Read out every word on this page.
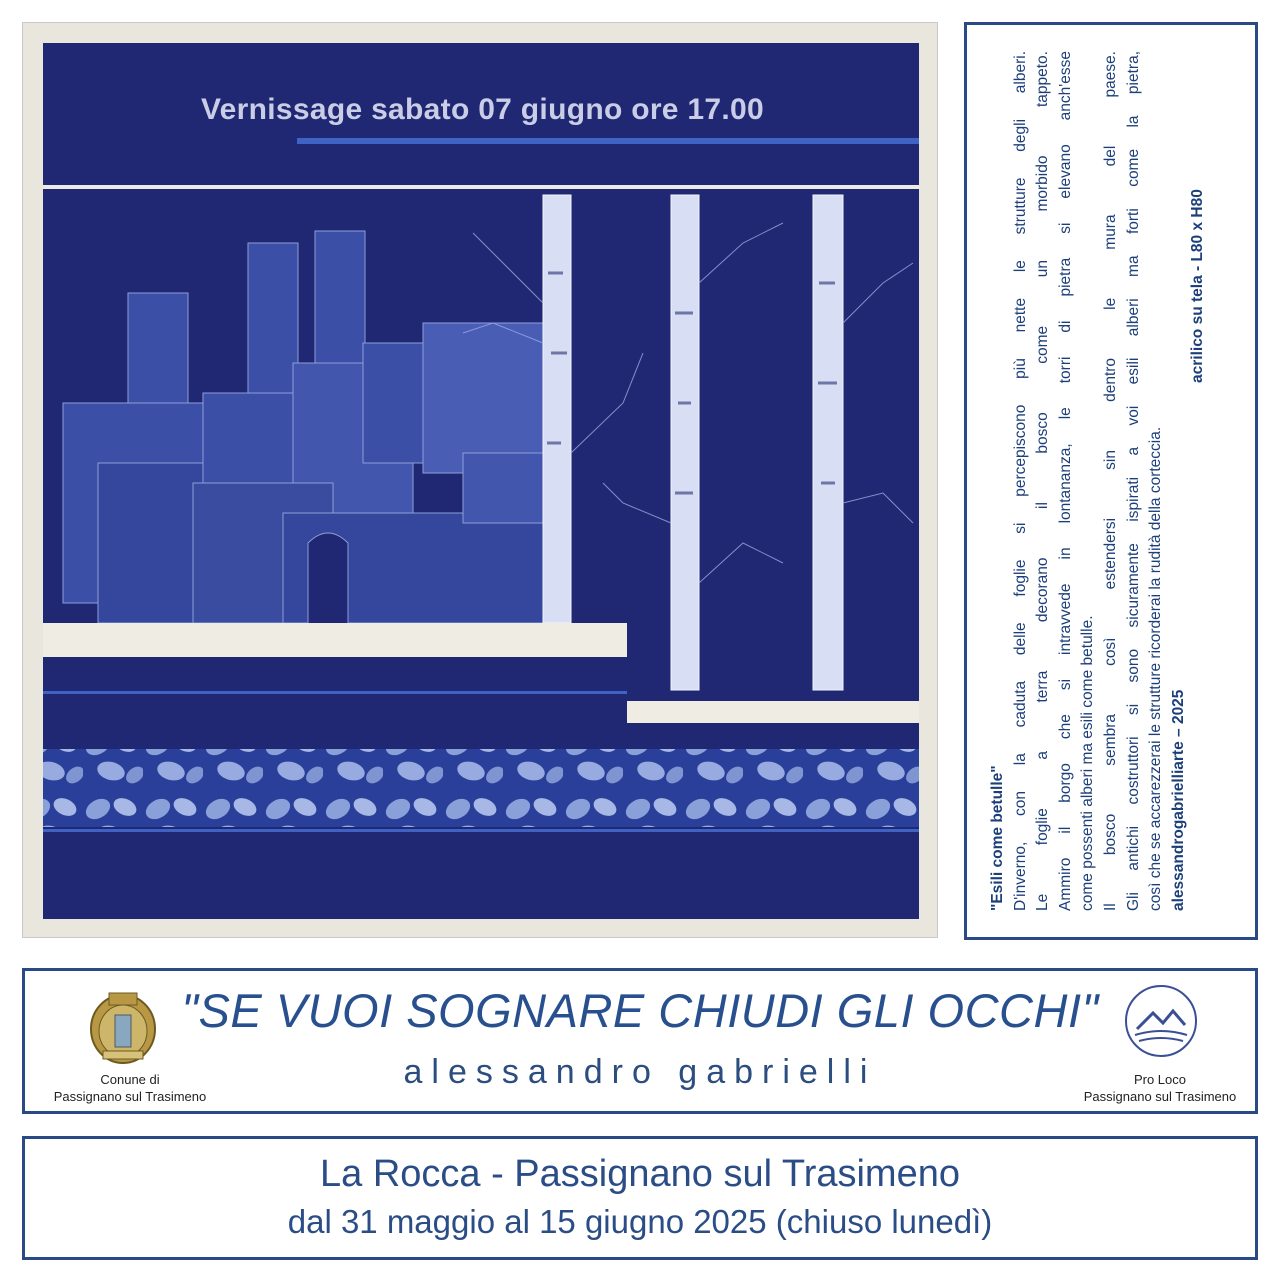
Vernissage sabato 07 giugno ore 17.00
"Esili come betulle" D'inverno, con la caduta delle foglie si percepiscono più nette le strutture degli alberi. Le foglie a terra decorano il bosco come un morbido tappeto. Ammiro il borgo che si intravvede in lontananza, le torri di pietra si elevano anch'esse come possenti alberi ma esili come betulle. Il bosco sembra così estendersi sin dentro le mura del paese. Gli antichi costruttori si sono sicuramente ispirati a voi esili alberi ma forti come la pietra, così che se accarezzerai le strutture ricorderai la rudità della corteccia. alessandrogabrielliarte – 2025
acrilico su tela - L80 x H80
"SE VUOI SOGNARE CHIUDI GLI OCCHI"
alessandro gabrielli
Conune di
Passignano sul Trasimeno
Pro Loco
Passignano sul Trasimeno
La Rocca - Passignano sul Trasimeno
dal 31 maggio al 15 giugno 2025 (chiuso lunedì)
